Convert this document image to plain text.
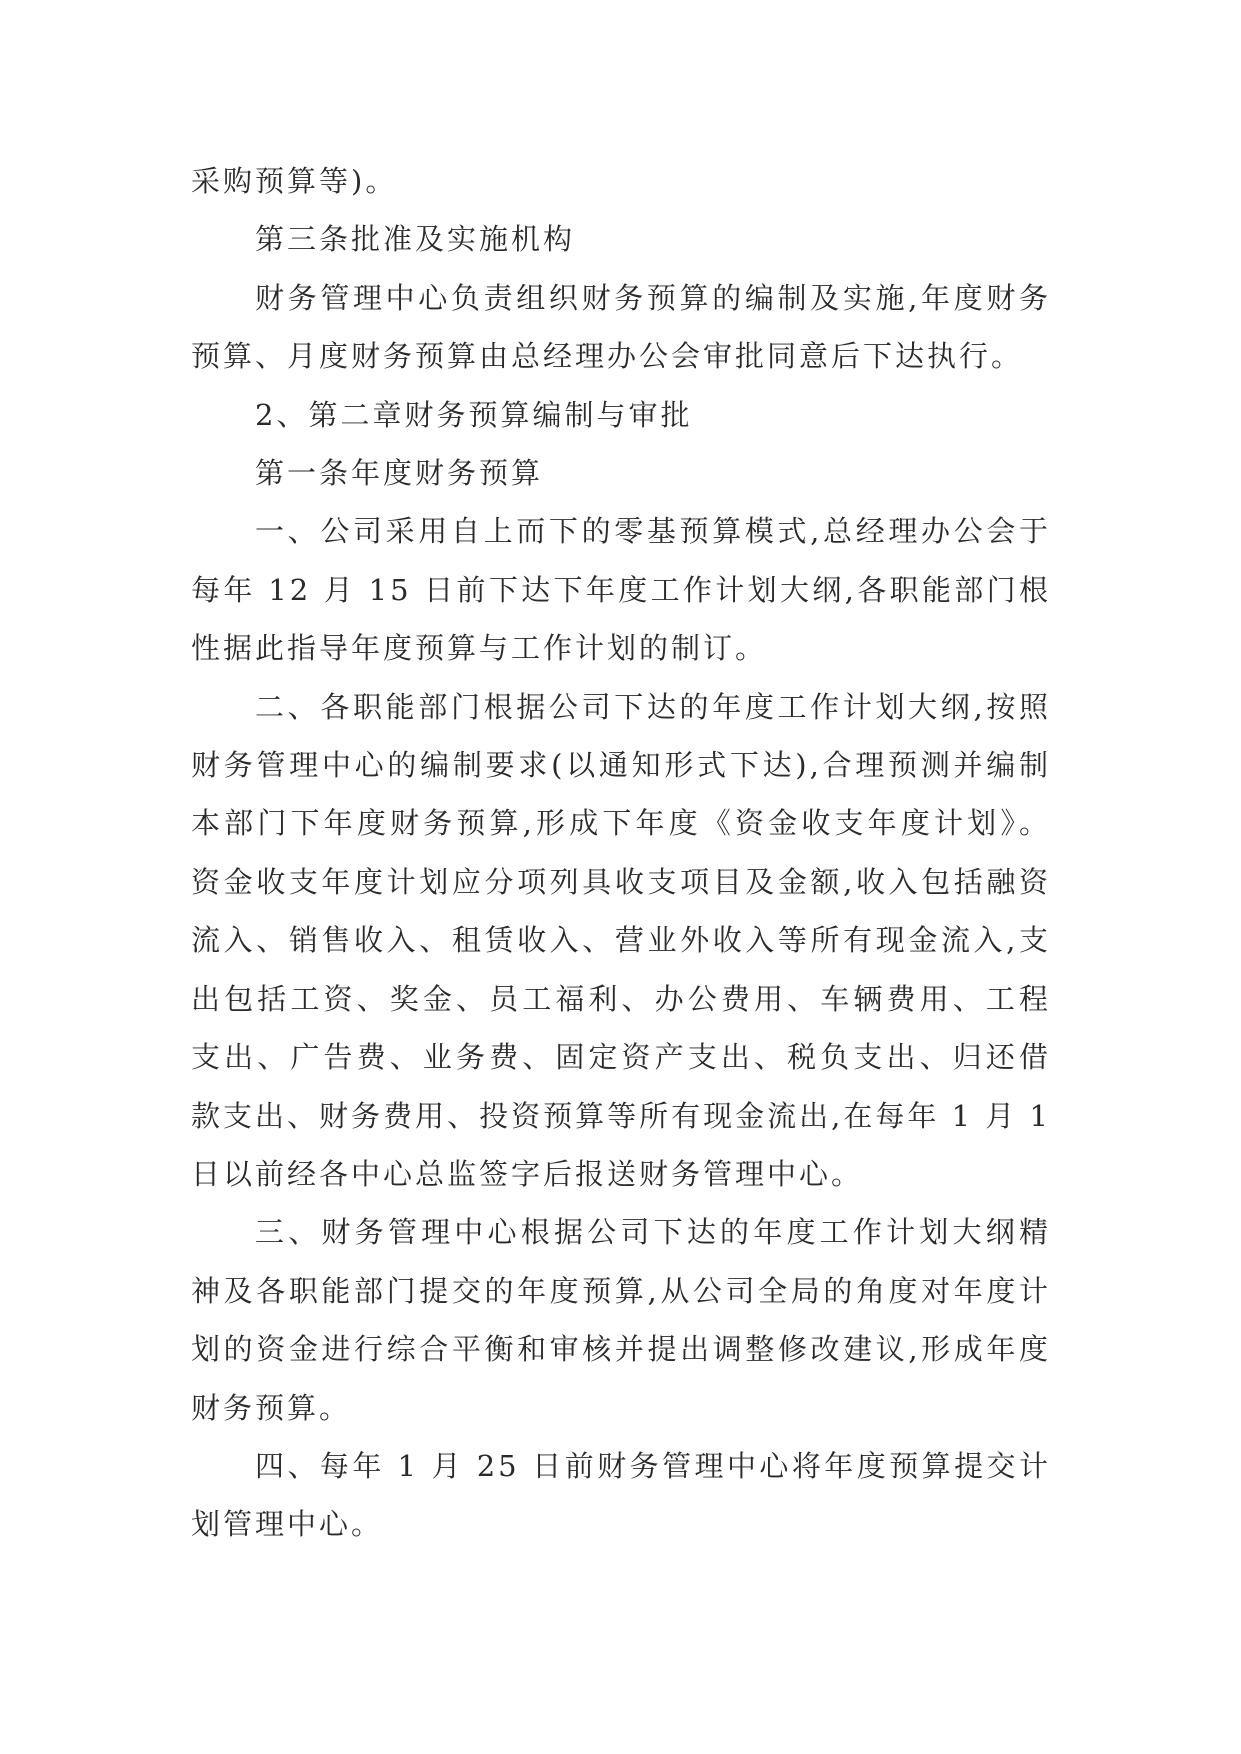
采购预算等)。

第三条批准及实施机构

财务管理中心负责组织财务预算的编制及实施,年度财务预算、月度财务预算由总经理办公会审批同意后下达执行。

2、第二章财务预算编制与审批

第一条年度财务预算

一、公司采用自上而下的零基预算模式,总经理办公会于每年 12 月 15 日前下达下年度工作计划大纲,各职能部门根性据此指导年度预算与工作计划的制订。

二、各职能部门根据公司下达的年度工作计划大纲,按照财务管理中心的编制要求(以通知形式下达),合理预测并编制本部门下年度财务预算,形成下年度《资金收支年度计划》。资金收支年度计划应分项列具收支项目及金额,收入包括融资流入、销售收入、租赁收入、营业外收入等所有现金流入,支出包括工资、奖金、员工福利、办公费用、车辆费用、工程支出、广告费、业务费、固定资产支出、税负支出、归还借款支出、财务费用、投资预算等所有现金流出,在每年 1 月 1 日以前经各中心总监签字后报送财务管理中心。

三、财务管理中心根据公司下达的年度工作计划大纲精神及各职能部门提交的年度预算,从公司全局的角度对年度计划的资金进行综合平衡和审核并提出调整修改建议,形成年度财务预算。

四、每年 1 月 25 日前财务管理中心将年度预算提交计划管理中心。
